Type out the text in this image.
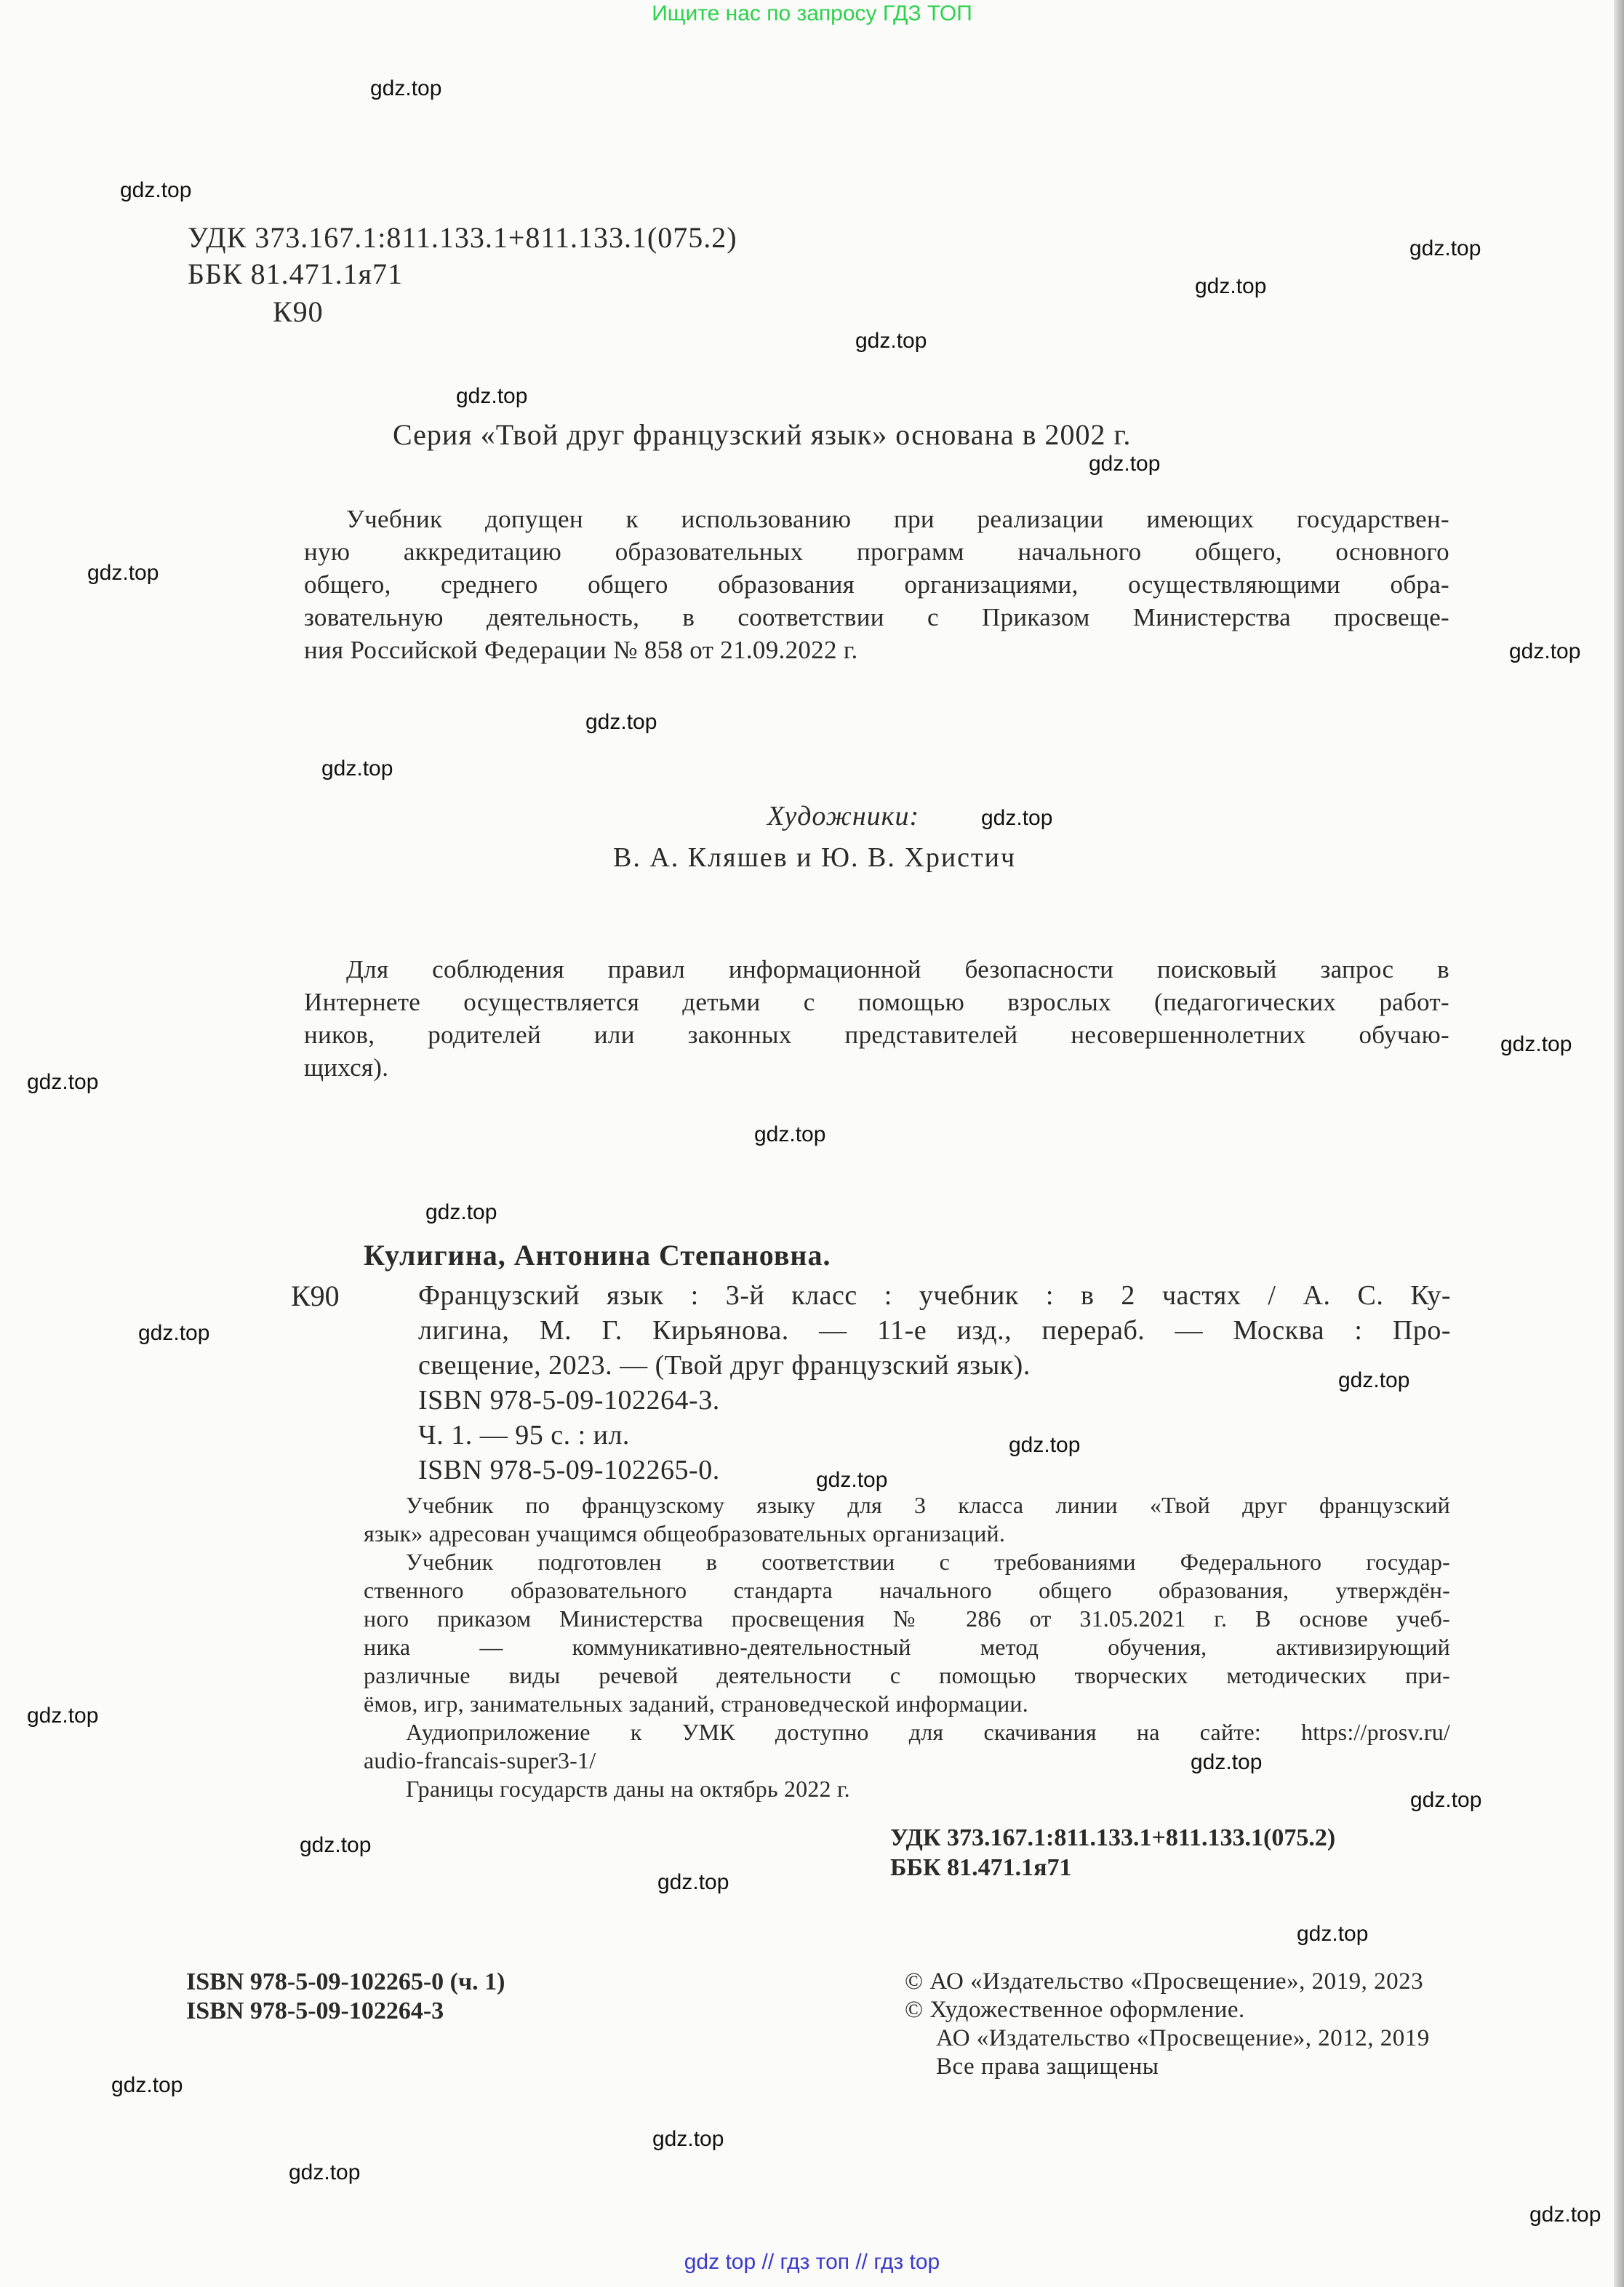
Ищите нас по запросу ГДЗ ТОП
gdz.top
gdz.top
gdz.top
gdz.top
gdz.top
gdz.top
gdz.top
gdz.top
gdz.top
gdz.top
gdz.top
gdz.top
gdz.top
gdz.top
gdz.top
gdz.top
gdz.top
gdz.top
gdz.top
gdz.top
gdz.top
gdz.top
gdz.top
gdz.top
gdz.top
gdz.top
gdz.top
gdz.top
gdz.top
gdz.top
УДК 373.167.1:811.133.1+811.133.1(075.2)
ББК 81.471.1я71
К90
Серия «Твой друг французский язык» основана в 2002 г.
Учебник допущен к использованию при реализации имеющих государствен-
ную аккредитацию образовательных программ начального общего, основного
общего, среднего общего образования организациями, осуществляющими обра-
зовательную деятельность, в соответствии с Приказом Министерства просвеще-
ния Российской Федерации № 858 от 21.09.2022 г.
Художники:
В. А. Кляшев и Ю. В. Христич
Для соблюдения правил информационной безопасности поисковый запрос в
Интернете осуществляется детьми с помощью взрослых (педагогических работ-
ников, родителей или законных представителей несовершеннолетних обучаю-
щихся).
Кулигина, Антонина Степановна.
К90	Французский язык : 3-й класс : учебник : в 2 частях / А. С. Ку-
лигина, М. Г. Кирьянова. — 11-е изд., перераб. — Москва : Про-
свещение, 2023. — (Твой друг французский язык).
ISBN 978-5-09-102264-3.
Ч. 1. — 95 с. : ил.
ISBN 978-5-09-102265-0.
Учебник по французскому языку для 3 класса линии «Твой друг французский
язык» адресован учащимся общеобразовательных организаций.
Учебник подготовлен в соответствии с требованиями Федерального государ-
ственного образовательного стандарта начального общего образования, утверждён-
ного приказом Министерства просвещения № 286 от 31.05.2021 г. В основе учеб-
ника — коммуникативно-деятельностный метод обучения, активизирующий
различные виды речевой деятельности с помощью творческих методических при-
ёмов, игр, занимательных заданий, страноведческой информации.
Аудиоприложение к УМК доступно для скачивания на сайте: https://prosv.ru/
audio-francais-super3-1/
Границы государств даны на октябрь 2022 г.
УДК 373.167.1:811.133.1+811.133.1(075.2)
ББК 81.471.1я71
ISBN 978-5-09-102265-0 (ч. 1)
ISBN 978-5-09-102264-3
© АО «Издательство «Просвещение», 2019, 2023
© Художественное оформление.
АО «Издательство «Просвещение», 2012, 2019
Все права защищены
gdz top // гдз топ // гдз top
